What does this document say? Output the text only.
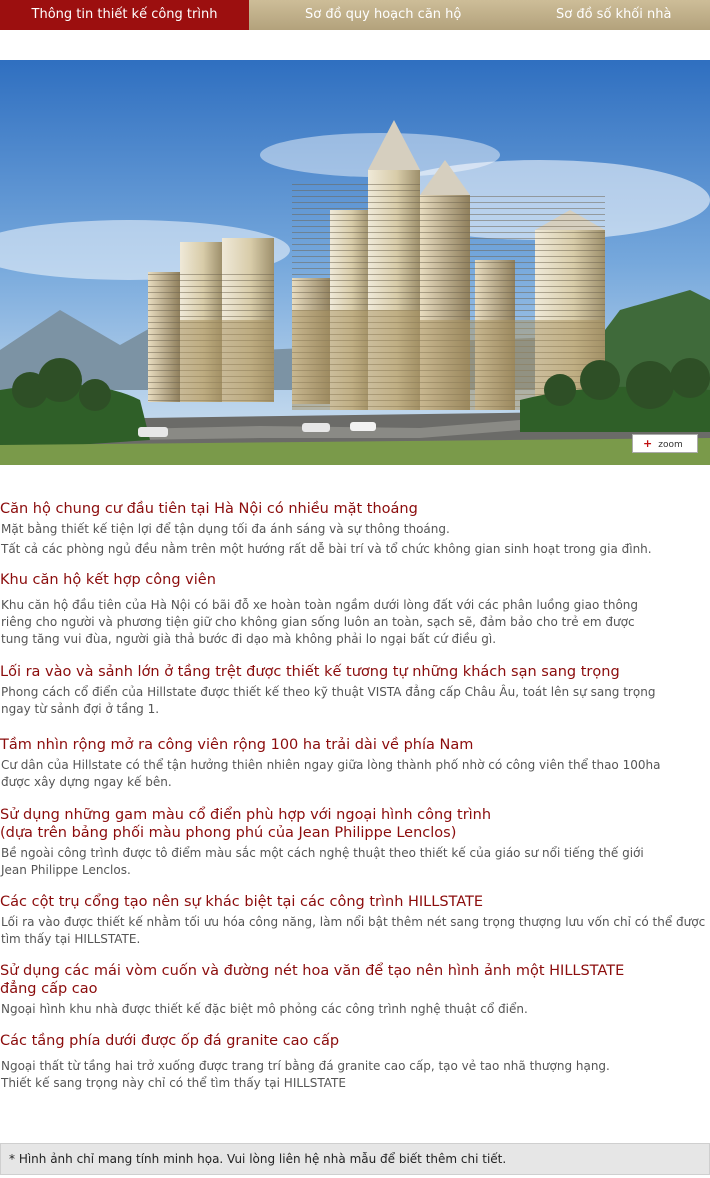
Thông tin thiết kế công trình	Sơ đồ quy hoạch căn hộ	Sơ đồ số khối nhà
+ zoom
Căn hộ chung cư đầu tiên tại Hà Nội có nhiều mặt thoáng
Mặt bằng thiết kế tiện lợi để tận dụng tối đa ánh sáng và sự thông thoáng.
Tất cả các phòng ngủ đều nằm trên một hướng rất dễ bài trí và tổ chức không gian sinh hoạt trong gia đình.
Khu căn hộ kết hợp công viên
Khu căn hộ đầu tiên của Hà Nội có bãi đỗ xe hoàn toàn ngầm dưới lòng đất với các phân luồng giao thông
riêng cho người và phương tiện giữ cho không gian sống luôn an toàn, sạch sẽ, đảm bảo cho trẻ em được
tung tăng vui đùa, người già thả bước đi dạo mà không phải lo ngại bất cứ điều gì.
Lối ra vào và sảnh lớn ở tầng trệt được thiết kế tương tự những khách sạn sang trọng
Phong cách cổ điển của Hillstate được thiết kế theo kỹ thuật VISTA đẳng cấp Châu Âu, toát lên sự sang trọng
ngay từ sảnh đợi ở tầng 1.
Tầm nhìn rộng mở ra công viên rộng 100 ha trải dài về phía Nam
Cư dân của Hillstate có thể tận hưởng thiên nhiên ngay giữa lòng thành phố nhờ có công viên thể thao 100ha
được xây dựng ngay kế bên.
Sử dụng những gam màu cổ điển phù hợp với ngoại hình công trình
(dựa trên bảng phối màu phong phú của Jean Philippe Lenclos)
Bề ngoài công trình được tô điểm màu sắc một cách nghệ thuật theo thiết kế của giáo sư nổi tiếng thế giới
Jean Philippe Lenclos.
Các cột trụ cổng tạo nên sự khác biệt tại các công trình HILLSTATE
Lối ra vào được thiết kế nhằm tối ưu hóa công năng, làm nổi bật thêm nét sang trọng thượng lưu vốn chỉ có thể được
tìm thấy tại HILLSTATE.
Sử dụng các mái vòm cuốn và đường nét hoa văn để tạo nên hình ảnh một HILLSTATE
đẳng cấp cao
Ngoại hình khu nhà được thiết kế đặc biệt mô phỏng các công trình nghệ thuật cổ điển.
Các tầng phía dưới được ốp đá granite cao cấp
Ngoại thất từ tầng hai trở xuống được trang trí bằng đá granite cao cấp, tạo vẻ tao nhã thượng hạng.
Thiết kế sang trọng này chỉ có thể tìm thấy tại HILLSTATE
* Hình ảnh chỉ mang tính minh họa. Vui lòng liên hệ nhà mẫu để biết thêm chi tiết.
